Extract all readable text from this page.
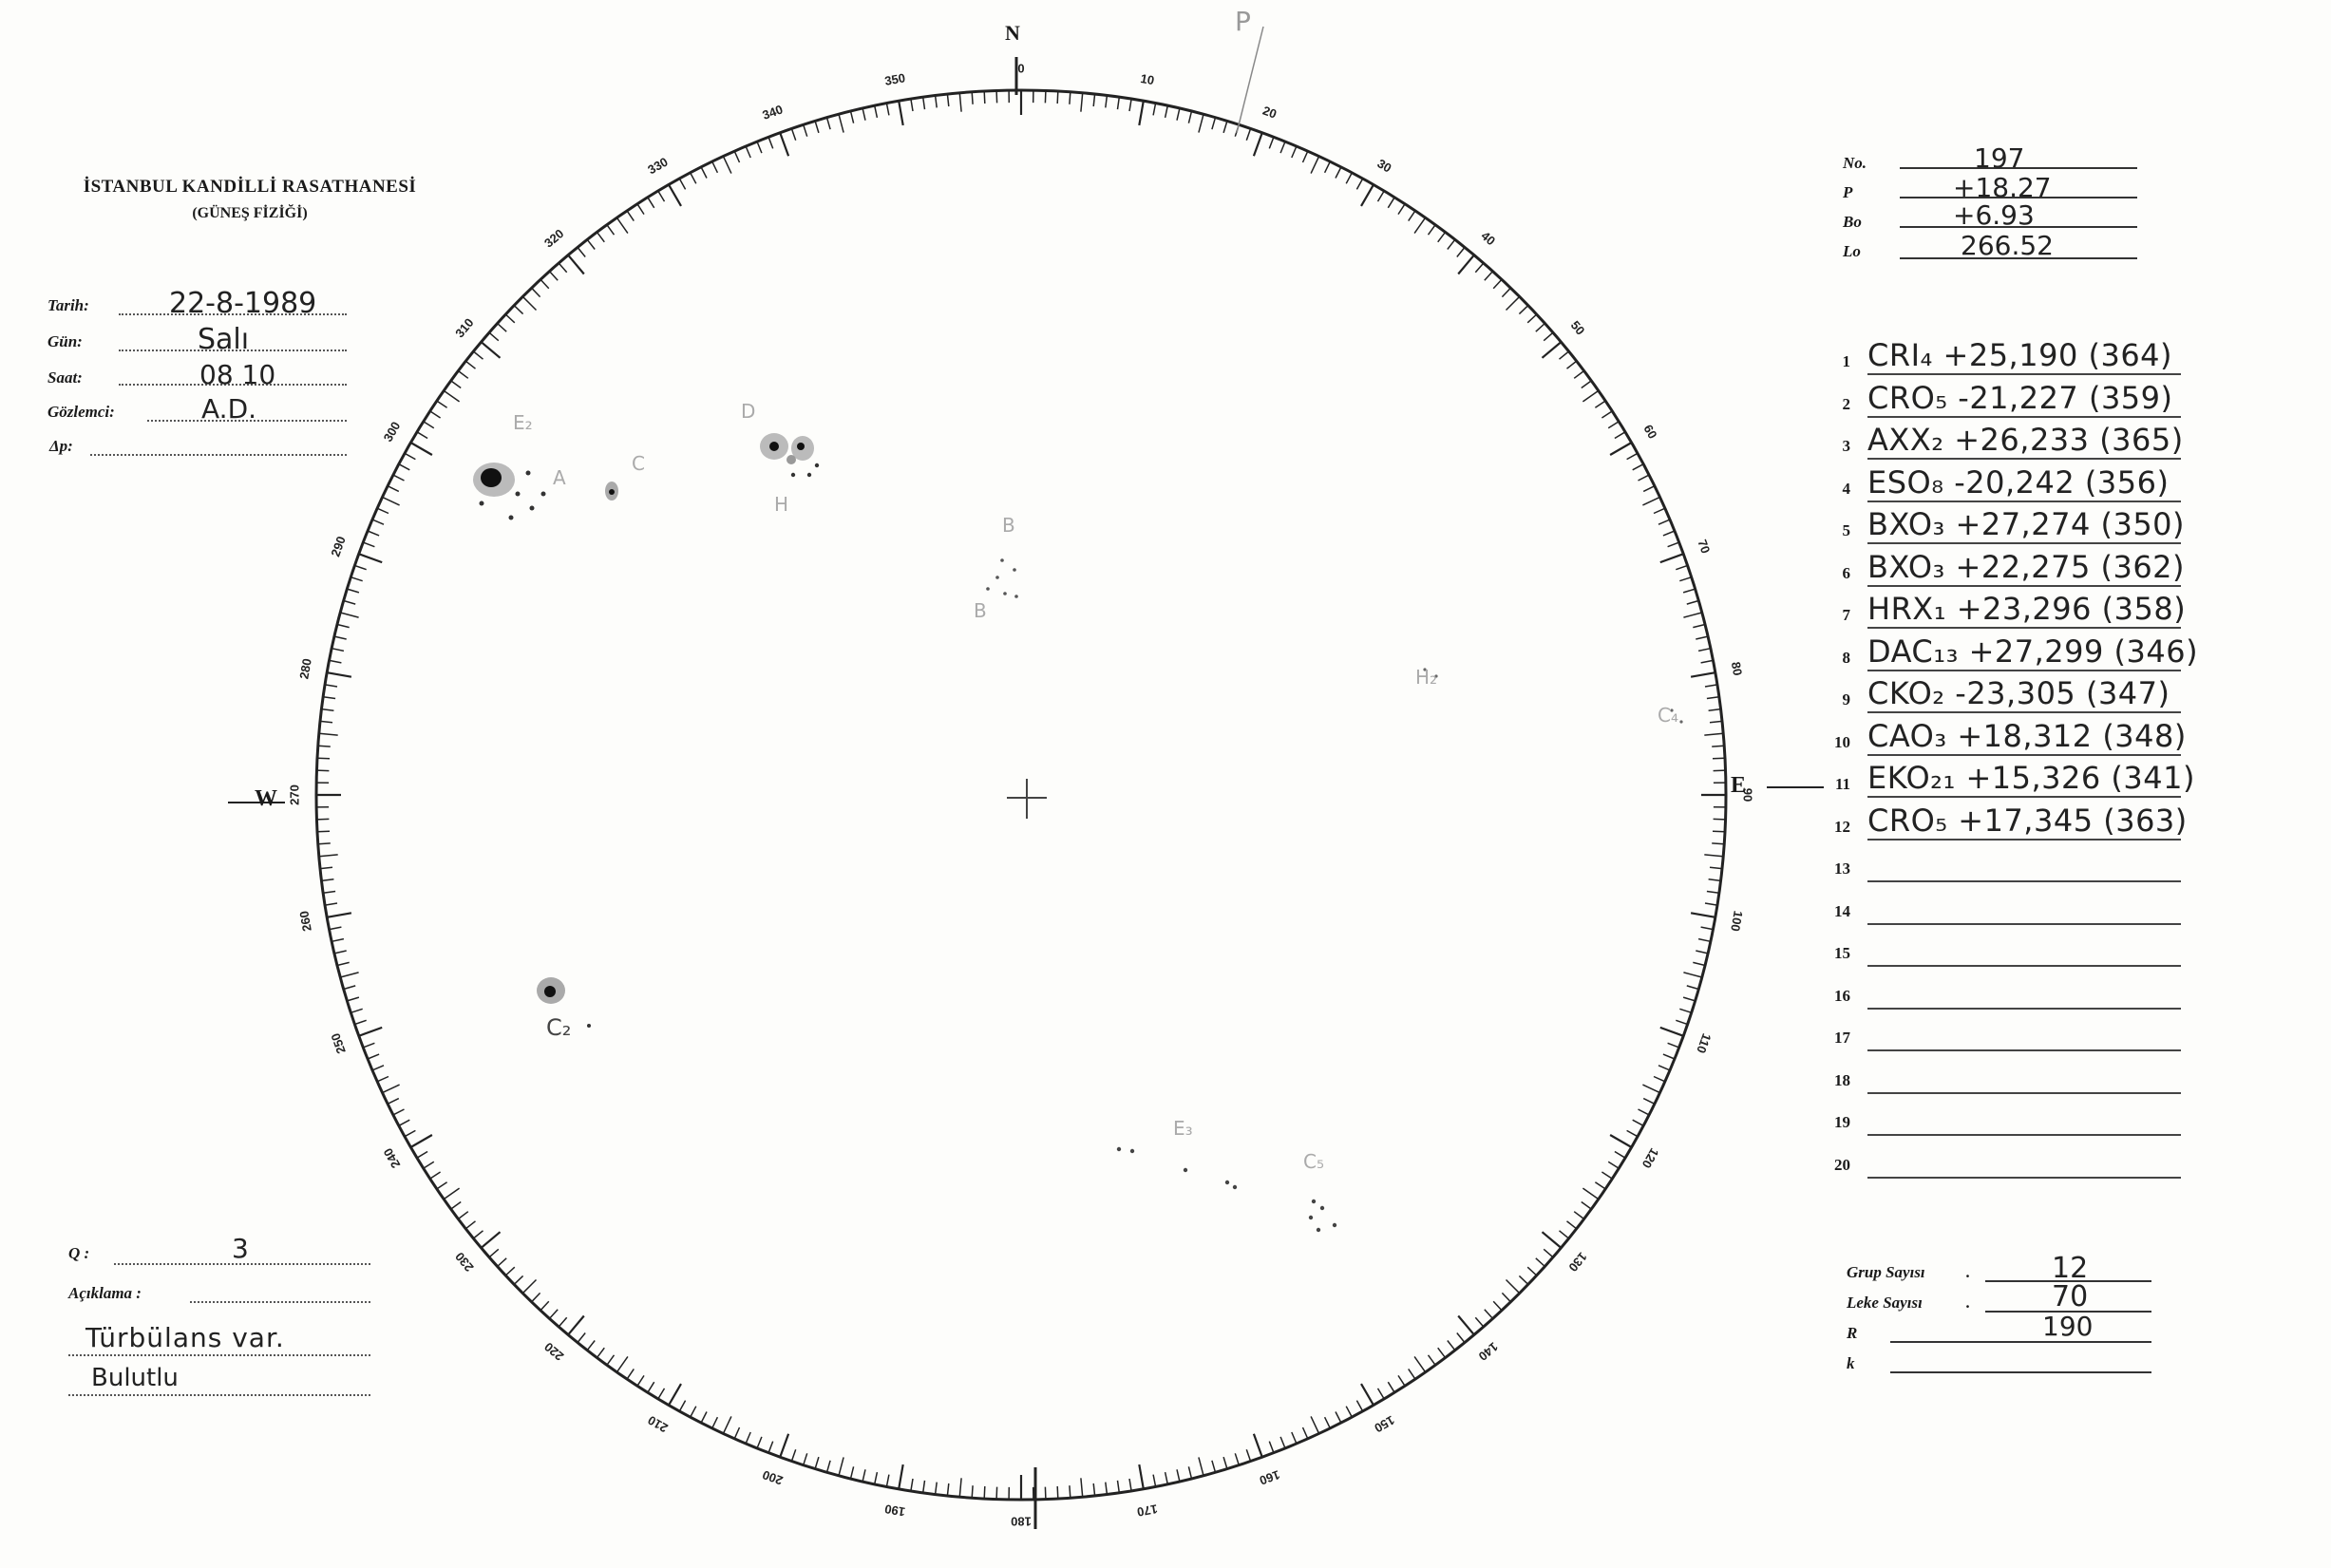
0
10
20
30
40
50
60
70
80
90
100
110
120
130
140
150
160
170
180
190
200
210
220
230
240
250
260
270
280
290
300
310
320
330
340
350
E₂
A
C
D
H
B
B
H₂
C₄
C₂
E₃
C₅
N
E
W
P
İSTANBUL KANDİLLİ RASATHANESİ
(GÜNEŞ FİZİĞİ)
Tarih:	22-8-1989
Gün:	Salı
Saat:	08 10
Gözlemci:	A.D.
Δp:
No.	197
P	+18.27
Bo	+6.93
Lo	266.52
1 CRI₄ +25,190 (364)
2 CRO₅ -21,227 (359)
3 AXX₂ +26,233 (365)
4 ESO₈ -20,242 (356)
5 BXO₃ +27,274 (350)
6 BXO₃ +22,275 (362)
7 HRX₁ +23,296 (358)
8 DAC₁₃ +27,299 (346)
9 CKO₂ -23,305 (347)
10 CAO₃ +18,312 (348)
11 EKO₂₁ +15,326 (341)
12 CRO₅ +17,345 (363)
13
14
15
16
17
18
19
20
Grup Sayısı	.	12
Leke Sayısı	.	70
R	190
k
Q :	3
Açıklama :
Türbülans var.
Bulutlu
